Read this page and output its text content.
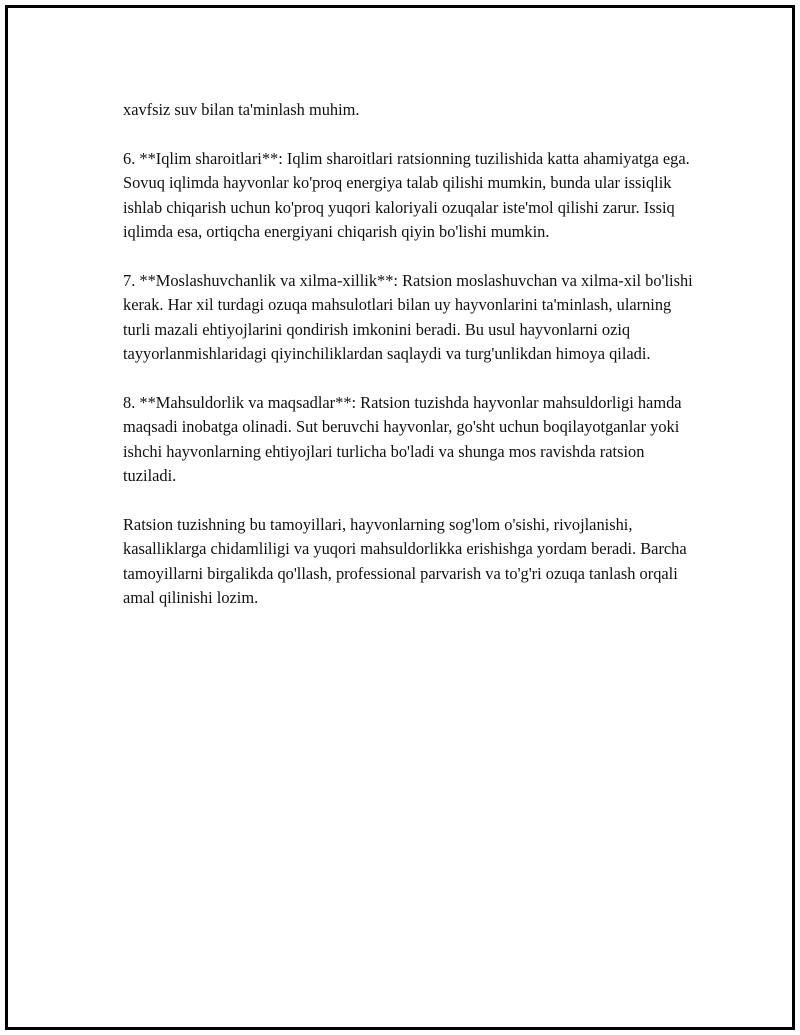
xavfsiz suv bilan ta'minlash muhim.

6. **Iqlim sharoitlari**: Iqlim sharoitlari ratsionning tuzilishida katta ahamiyatga ega. Sovuq iqlimda hayvonlar ko'proq energiya talab qilishi mumkin, bunda ular issiqlik ishlab chiqarish uchun ko'proq yuqori kaloriyali ozuqalar iste'mol qilishi zarur. Issiq iqlimda esa, ortiqcha energiyani chiqarish qiyin bo'lishi mumkin.

7. **Moslashuvchanlik va xilma-xillik**: Ratsion moslashuvchan va xilma-xil bo'lishi kerak. Har xil turdagi ozuqa mahsulotlari bilan uy hayvonlarini ta'minlash, ularning turli mazali ehtiyojlarini qondirish imkonini beradi. Bu usul hayvonlarni oziq tayyorlanmishlaridagi qiyinchiliklardan saqlaydi va turg'unlikdan himoya qiladi.

8. **Mahsuldorlik va maqsadlar**: Ratsion tuzishda hayvonlar mahsuldorligi hamda maqsadi inobatga olinadi. Sut beruvchi hayvonlar, go'sht uchun boqilayotganlar yoki ishchi hayvonlarning ehtiyojlari turlicha bo'ladi va shunga mos ravishda ratsion tuziladi.

Ratsion tuzishning bu tamoyillari, hayvonlarning sog'lom o'sishi, rivojlanishi, kasalliklarga chidamliligi va yuqori mahsuldorlikka erishishga yordam beradi. Barcha tamoyillarni birgalikda qo'llash, professional parvarish va to'g'ri ozuqa tanlash orqali amal qilinishi lozim.
